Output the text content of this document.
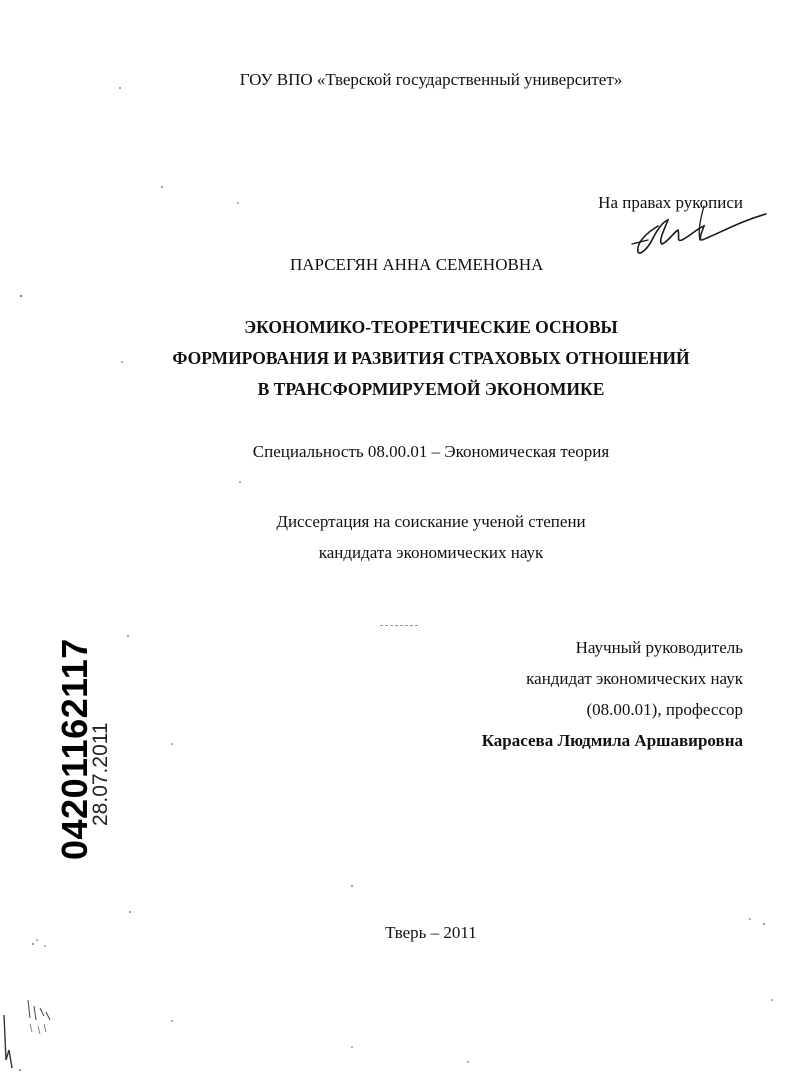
ГОУ ВПО «Тверской государственный университет»
На правах рукописи
ПАРСЕГЯН АННА СЕМЕНОВНА
ЭКОНОМИКО-ТЕОРЕТИЧЕСКИЕ ОСНОВЫ
ФОРМИРОВАНИЯ И РАЗВИТИЯ СТРАХОВЫХ ОТНОШЕНИЙ
В ТРАНСФОРМИРУЕМОЙ ЭКОНОМИКЕ
Специальность 08.00.01 – Экономическая теория
Диссертация на соискание ученой степени
кандидата экономических наук
Научный руководитель
кандидат экономических наук
(08.00.01), профессор
Карасева Людмила Аршавировна
Тверь – 2011
04201162117
28.07.2011
